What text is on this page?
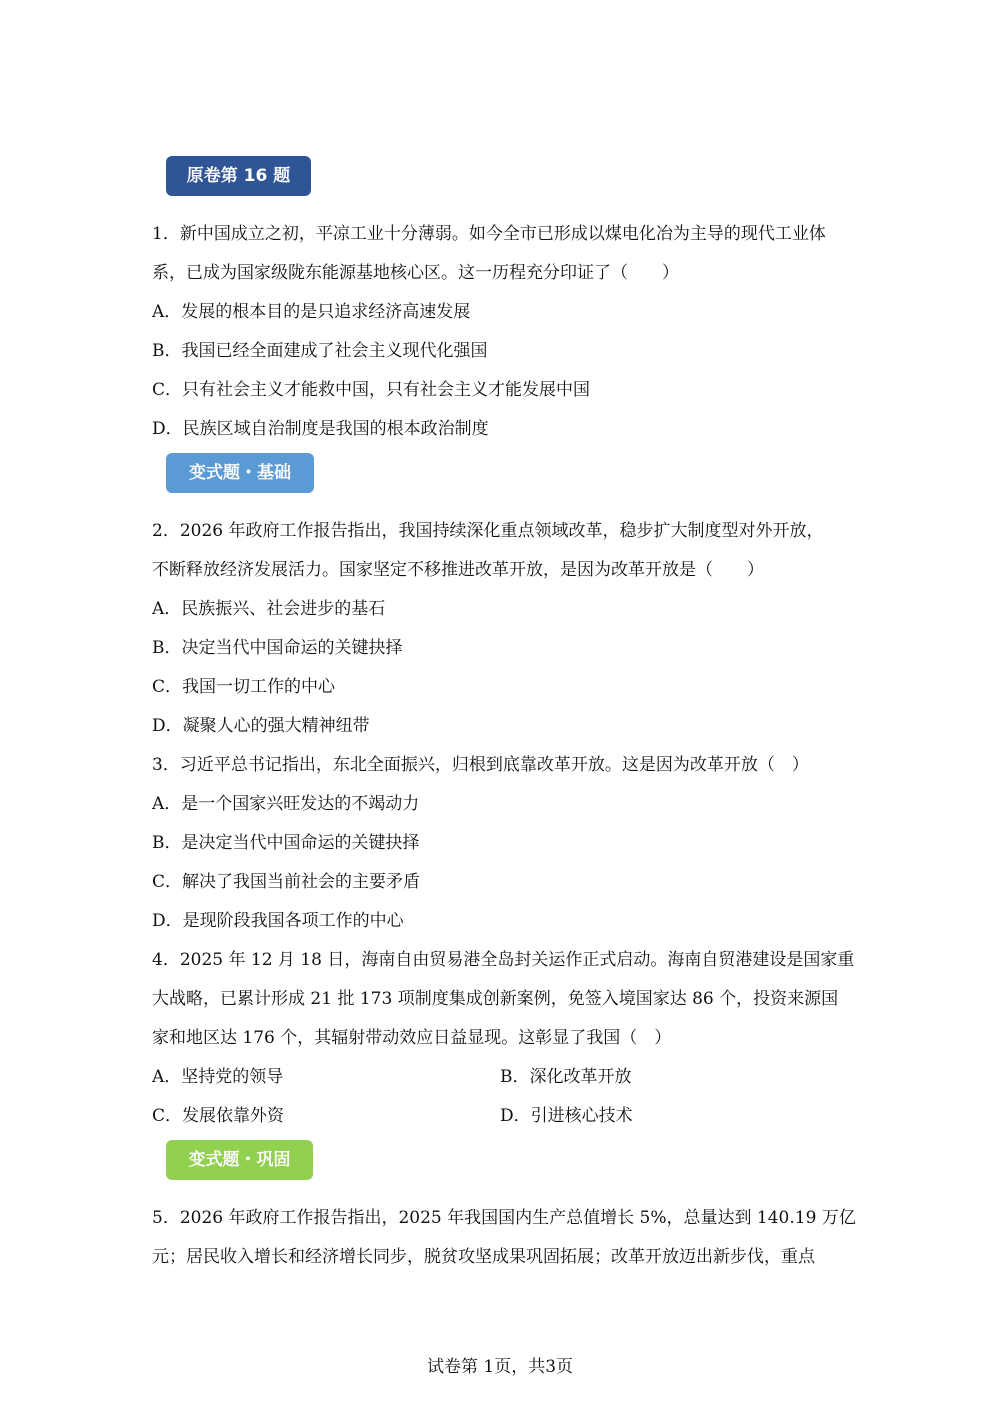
原卷第 16 题
1．新中国成立之初，平凉工业十分薄弱。如今全市已形成以煤电化冶为主导的现代工业体
系，已成为国家级陇东能源基地核心区。这一历程充分印证了（　　）
A．发展的根本目的是只追求经济高速发展
B．我国已经全面建成了社会主义现代化强国
C．只有社会主义才能救中国，只有社会主义才能发展中国
D．民族区域自治制度是我国的根本政治制度
变式题・基础
2．2026 年政府工作报告指出，我国持续深化重点领域改革，稳步扩大制度型对外开放，
不断释放经济发展活力。国家坚定不移推进改革开放，是因为改革开放是（　　）
A．民族振兴、社会进步的基石
B．决定当代中国命运的关键抉择
C．我国一切工作的中心
D．凝聚人心的强大精神纽带
3．习近平总书记指出，东北全面振兴，归根到底靠改革开放。这是因为改革开放（　）
A．是一个国家兴旺发达的不竭动力
B．是决定当代中国命运的关键抉择
C．解决了我国当前社会的主要矛盾
D．是现阶段我国各项工作的中心
4．2025 年 12 月 18 日，海南自由贸易港全岛封关运作正式启动。海南自贸港建设是国家重
大战略，已累计形成 21 批 173 项制度集成创新案例，免签入境国家达 86 个，投资来源国
家和地区达 176 个，其辐射带动效应日益显现。这彰显了我国（　）
A．坚持党的领导	B．深化改革开放
C．发展依靠外资	D．引进核心技术
变式题・巩固
5．2026 年政府工作报告指出，2025 年我国国内生产总值增长 5%，总量达到 140.19 万亿
元；居民收入增长和经济增长同步，脱贫攻坚成果巩固拓展；改革开放迈出新步伐，重点
试卷第 1页，共3页
